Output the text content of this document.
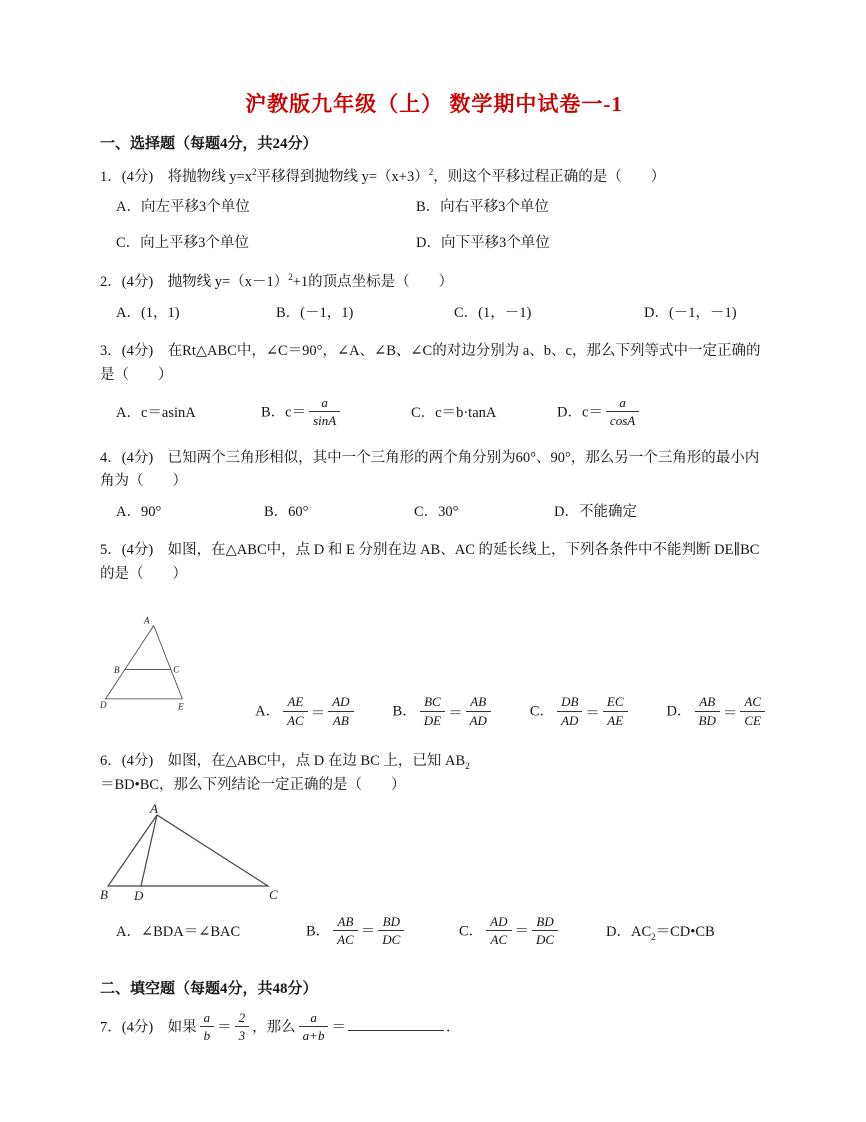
沪教版九年级（上） 数学期中试卷一-1
一、选择题（每题4分，共24分）

1．(4分)　将抛物线 $y=x^2$平移得到抛物线 $y=(x+3)^2$，则这个平移过程正确的是（　　）

A．向左平移3个单位	B．向右平移3个单位
C．向上平移3个单位	D．向下平移3个单位

2．(4分)　抛物线 $y=(x-1)^2+1$的顶点坐标是（　　）

A．(1，1)	B．(－1，1)	C．(1，－1)	D．(－1，－1)

3．(4分)　在Rt△ABC中，∠C＝90°，∠A、∠B、∠C的对边分别为 a、b、c，那么下列等式中一定正确的是（　　）

A．c＝asinA	B．$c= \frac{a}{\sin A}$	C．c＝b·tanA	D．$c= \frac{a}{\cos A}$

4．(4分)　已知两个三角形相似，其中一个三角形的两个角分别为60°、90°，那么另一个三角形的最小内角为（　　）

A．90°	B．60°	C．30°	D．不能确定

5．(4分)　如图，在△ABC中，点 D 和 E 分别在边 AB、AC 的延长线上，下列各条件中不能判断 DE∥BC 的是（　　）

A
B	C
D	E	A． $\frac{AE}{AC} = \frac{AD}{AB}$	B． $\frac{BC}{DE} = \frac{AB}{AD}$	C． $\frac{DB}{AD} = \frac{EC}{AE}$	D． $\frac{AB}{BD} = \frac{AC}{CE}$

6．(4分)　如图，在△ABC中，点 D 在边 BC 上，已知 $AB_2=BD•BC$，那么下列结论一定正确的是（　　）

A
B D	C
A．∠BDA＝∠BAC	B． $\frac{AB}{AC} = \frac{BD}{DC}$	C． $\frac{AD}{AC} = \frac{BD}{DC}$	D．$AC_2=CD•CB$
二、填空题（每题4分，共48分）

7．(4分)　如果 $\frac{a}{b} = \frac{2}{3}$ ，那么 $\frac{a}{a+b}$ ＝	．
